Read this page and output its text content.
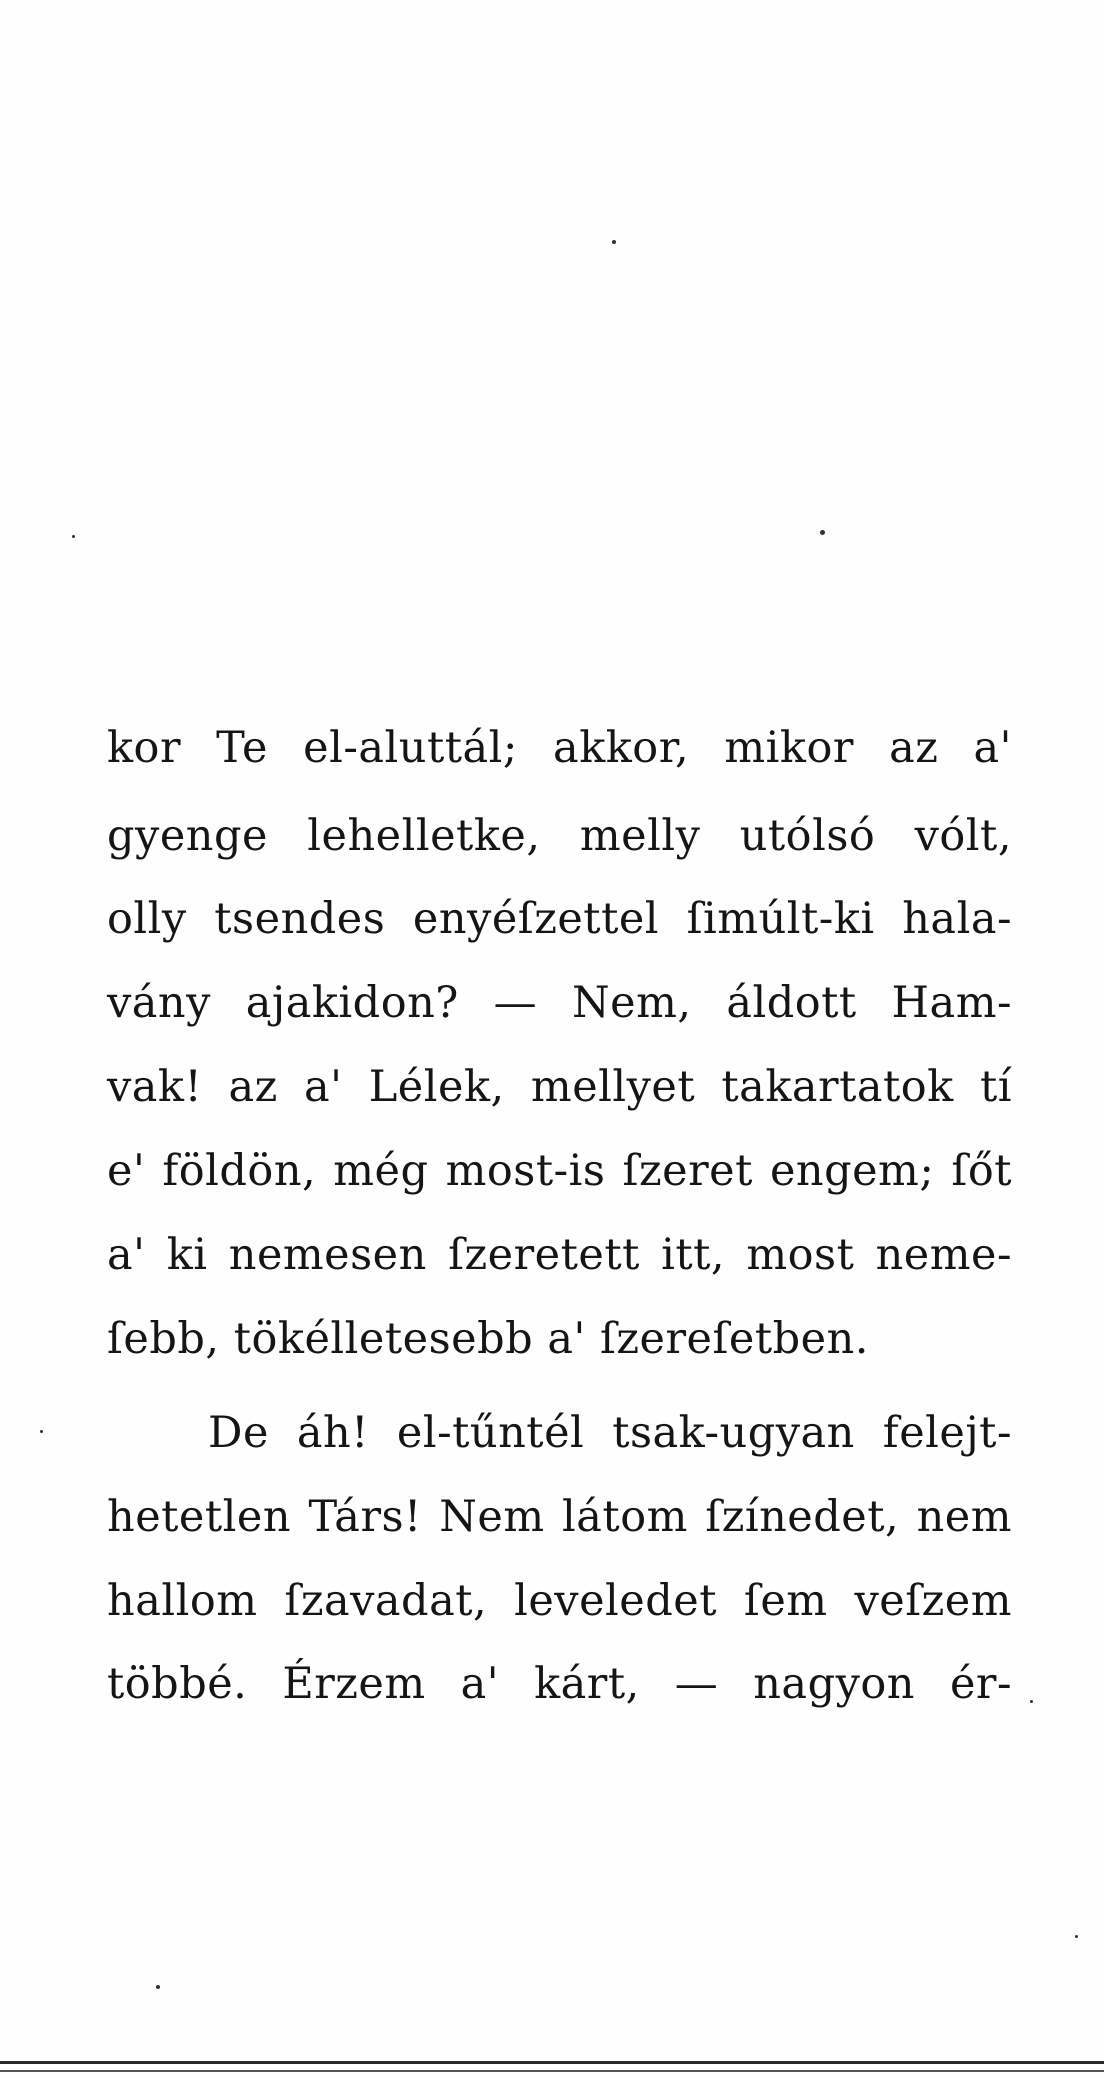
kor Te el-aluttál; akkor, mikor az a'
gyenge lehelletke, melly utólsó vólt,
olly tsendes enyéſzettel ſimúlt-ki hala-
vány ajakidon? — Nem, áldott Ham-
vak! az a' Lélek, mellyet takartatok tí
e' földön, még most-is ſzeret engem; ſőt
a' ki nemesen ſzeretett itt, most neme-
ſebb, tökélletesebb a' ſzereſetben.
De áh! el-tűntél tsak-ugyan felejt-
hetetlen Társ! Nem látom ſzínedet, nem
hallom ſzavadat, leveledet ſem veſzem
többé. Érzem a' kárt, — nagyon ér-
